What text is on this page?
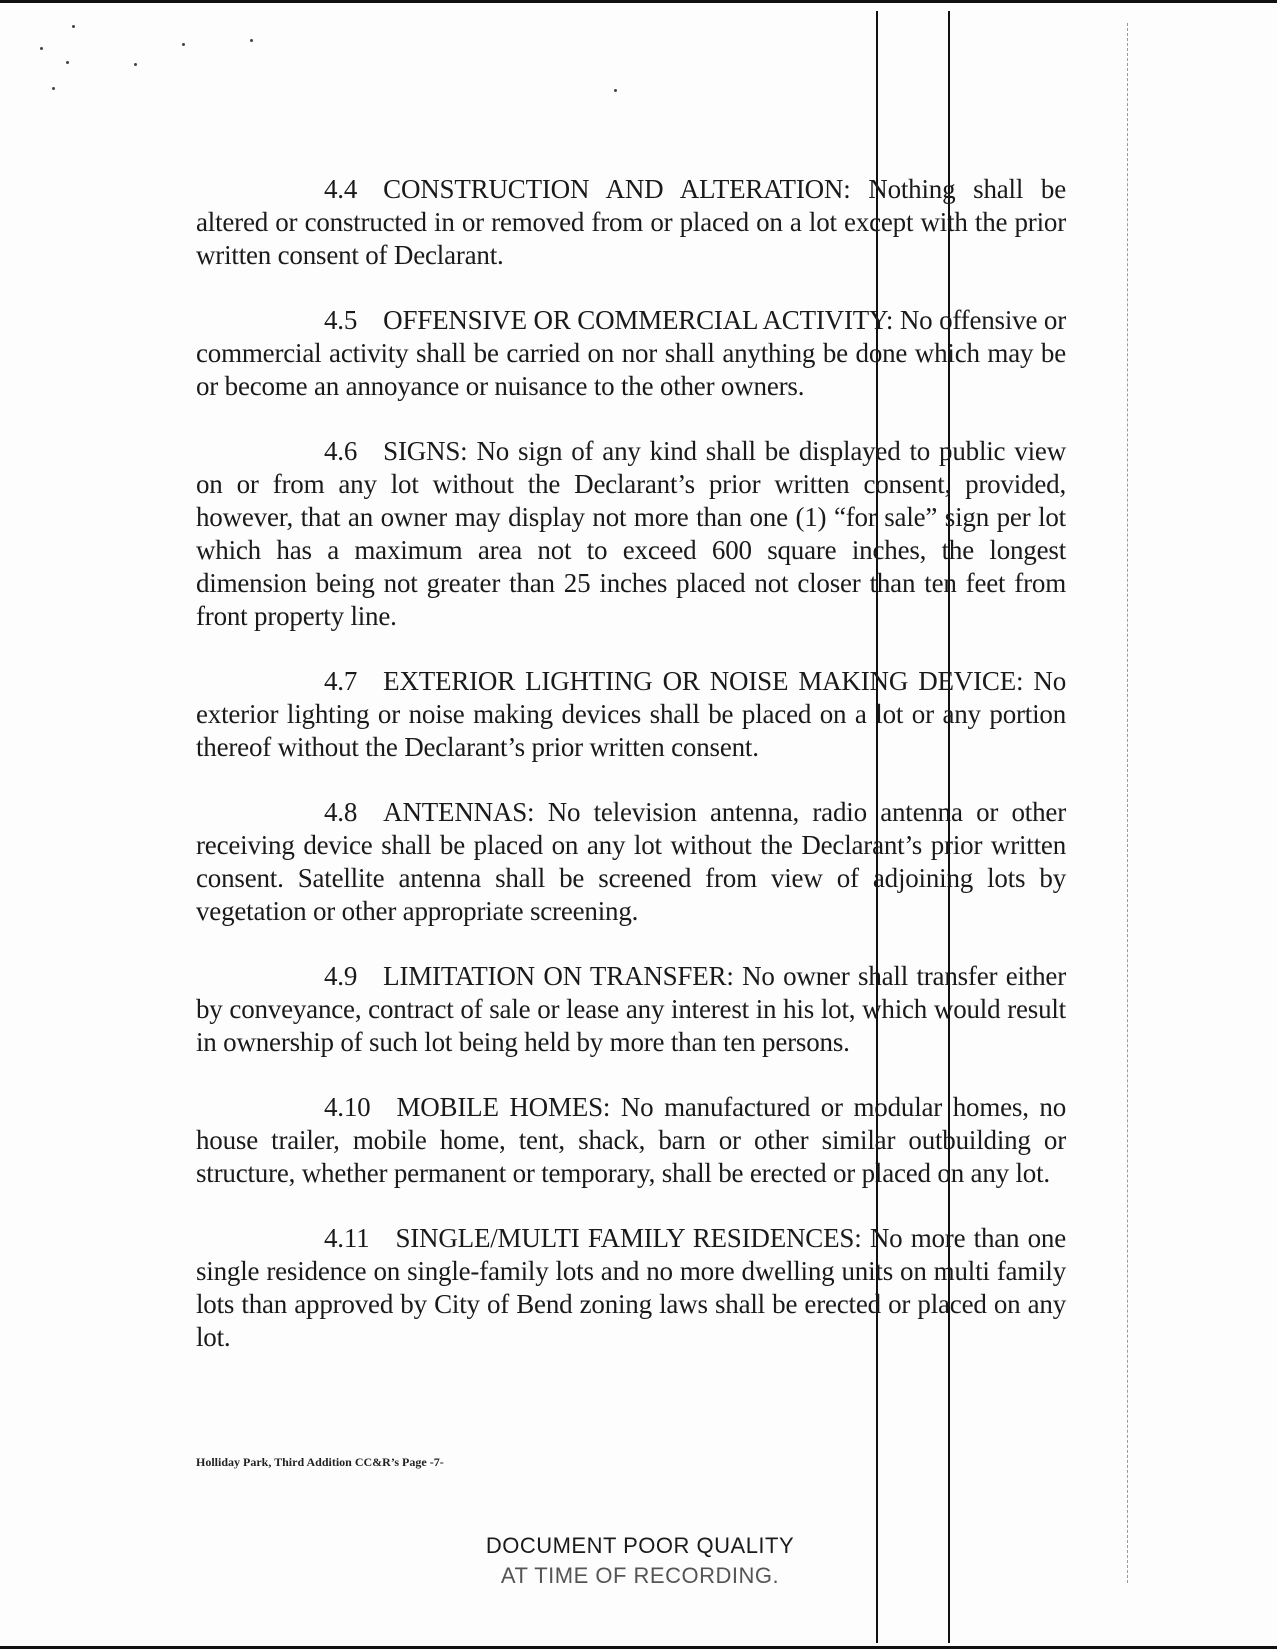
4.4 CONSTRUCTION AND ALTERATION: Nothing shall be altered or constructed in or removed from or placed on a lot except with the prior written consent of Declarant.

4.5 OFFENSIVE OR COMMERCIAL ACTIVITY: No offensive or commercial activity shall be carried on nor shall anything be done which may be or become an annoyance or nuisance to the other owners.

4.6 SIGNS: No sign of any kind shall be displayed to public view on or from any lot without the Declarant’s prior written consent, provided, however, that an owner may display not more than one (1) “for sale” sign per lot which has a maximum area not to exceed 600 square inches, the longest dimension being not greater than 25 inches placed not closer than ten feet from front property line.

4.7 EXTERIOR LIGHTING OR NOISE MAKING DEVICE: No exterior lighting or noise making devices shall be placed on a lot or any portion thereof without the Declarant’s prior written consent.

4.8 ANTENNAS: No television antenna, radio antenna or other receiving device shall be placed on any lot without the Declarant’s prior written consent. Satellite antenna shall be screened from view of adjoining lots by vegetation or other appropriate screening.

4.9 LIMITATION ON TRANSFER: No owner shall transfer either by conveyance, contract of sale or lease any interest in his lot, which would result in ownership of such lot being held by more than ten persons.

4.10 MOBILE HOMES: No manufactured or modular homes, no house trailer, mobile home, tent, shack, barn or other similar outbuilding or structure, whether permanent or temporary, shall be erected or placed on any lot.

4.11 SINGLE/MULTI FAMILY RESIDENCES: No more than one single residence on single-family lots and no more dwelling units on multi family lots than approved by City of Bend zoning laws shall be erected or placed on any lot.

Holliday Park, Third Addition CC&R’s Page -7-
DOCUMENT POOR QUALITY
AT TIME OF RECORDING.
